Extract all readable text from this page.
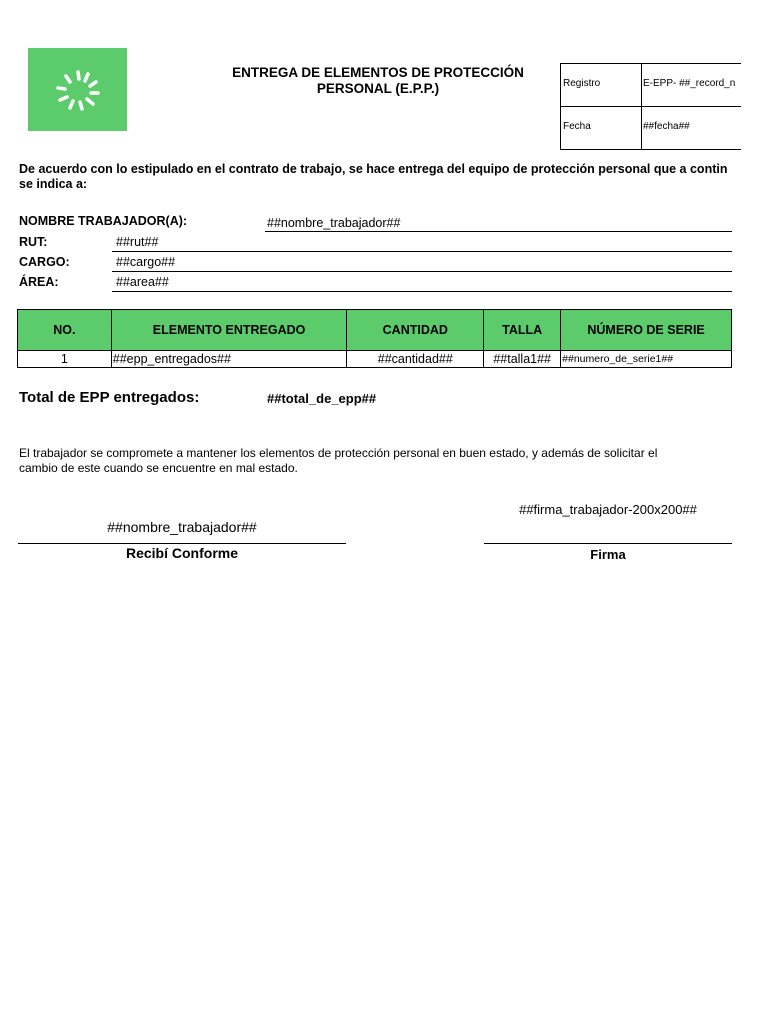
ENTREGA DE ELEMENTOS DE PROTECCIÓN
PERSONAL (E.P.P.)	Registro	E-EPP- ##_record_n
Fecha	##fecha##
De acuerdo con lo estipulado en el contrato de trabajo, se hace entrega del equipo de protección personal que a contin
se indica a:
NOMBRE TRABAJADOR(A):	##nombre_trabajador##
RUT:	##rut##
CARGO:	##cargo##
ÁREA:	##area##
NO.	ELEMENTO ENTREGADO	CANTIDAD	TALLA	NÚMERO DE SERIE
1	##epp_entregados##	##cantidad##	##talla1##	##numero_de_serie1##
Total de EPP entregados:	##total_de_epp##
El trabajador se compromete a mantener los elementos de protección personal en buen estado, y además de solicitar el
cambio de este cuando se encuentre en mal estado.
##nombre_trabajador##
Recibí Conforme
##firma_trabajador-200x200##
Firma
